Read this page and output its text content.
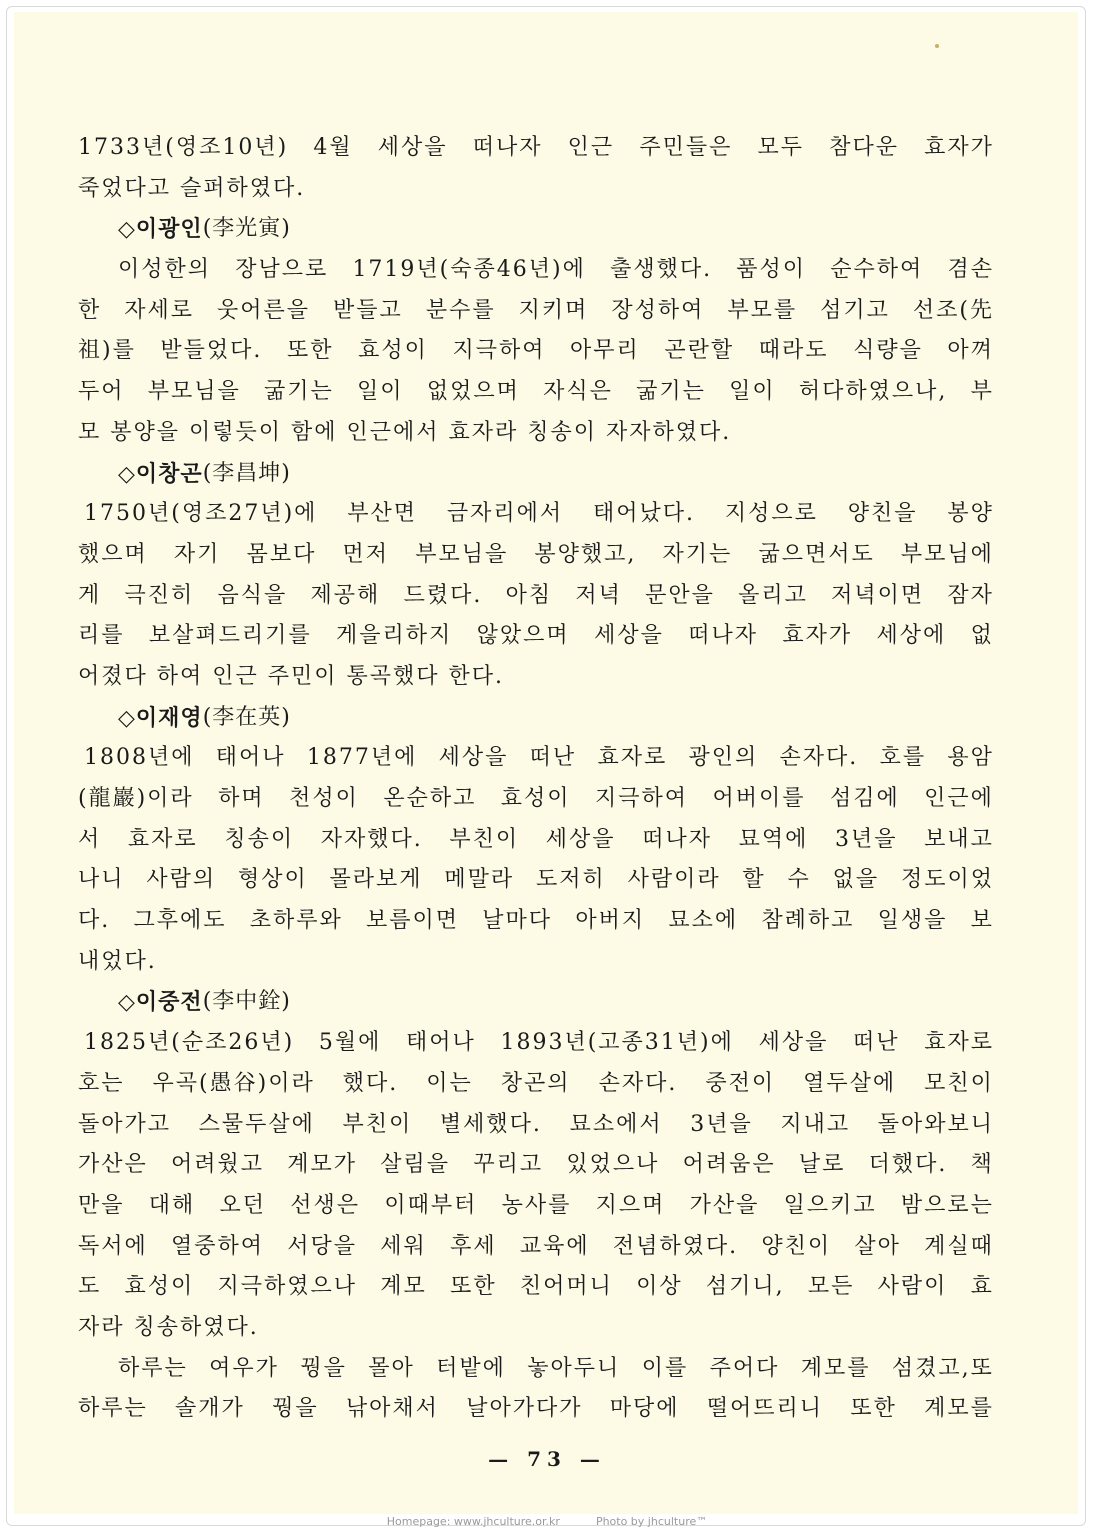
1733년(영조10년) 4월 세상을 떠나자 인근 주민들은 모두 참다운 효자가
죽었다고 슬퍼하였다.
◇이광인 (李光寅)
이성한의 장남으로 1719년(숙종46년)에 출생했다. 품성이 순수하여 겸손
한 자세로 웃어른을 받들고 분수를 지키며 장성하여 부모를 섬기고 선조(先
祖)를 받들었다. 또한 효성이 지극하여 아무리 곤란할 때라도 식량을 아껴
두어 부모님을 굶기는 일이 없었으며 자식은 굶기는 일이 허다하였으나, 부
모 봉양을 이렇듯이 함에 인근에서 효자라 칭송이 자자하였다.
◇이창곤 (李昌坤)
1750년(영조27년)에 부산면 금자리에서 태어났다. 지성으로 양친을 봉양
했으며 자기 몸보다 먼저 부모님을 봉양했고, 자기는 굶으면서도 부모님에
게 극진히 음식을 제공해 드렸다. 아침 저녁 문안을 올리고 저녁이면 잠자
리를 보살펴드리기를 게을리하지 않았으며 세상을 떠나자 효자가 세상에 없
어졌다 하여 인근 주민이 통곡했다 한다.
◇이재영 (李在英)
1808년에 태어나 1877년에 세상을 떠난 효자로 광인의 손자다. 호를 용암
(龍巖)이라 하며 천성이 온순하고 효성이 지극하여 어버이를 섬김에 인근에
서 효자로 칭송이 자자했다. 부친이 세상을 떠나자 묘역에 3년을 보내고
나니 사람의 형상이 몰라보게 메말라 도저히 사람이라 할 수 없을 정도이었
다. 그후에도 초하루와 보름이면 날마다 아버지 묘소에 참례하고 일생을 보
내었다.
◇이중전 (李中銓)
1825년(순조26년) 5월에 태어나 1893년(고종31년)에 세상을 떠난 효자로
호는 우곡(愚谷)이라 했다. 이는 창곤의 손자다. 중전이 열두살에 모친이
돌아가고 스물두살에 부친이 별세했다. 묘소에서 3년을 지내고 돌아와보니
가산은 어려웠고 계모가 살림을 꾸리고 있었으나 어려움은 날로 더했다. 책
만을 대해 오던 선생은 이때부터 농사를 지으며 가산을 일으키고 밤으로는
독서에 열중하여 서당을 세워 후세 교육에 전념하였다. 양친이 살아 계실때
도 효성이 지극하였으나 계모 또한 친어머니 이상 섬기니, 모든 사람이 효
자라 칭송하였다.
하루는 여우가 꿩을 몰아 터밭에 놓아두니 이를 주어다 계모를 섬겼고,또
하루는 솔개가 꿩을 낚아채서 날아가다가 마당에 떨어뜨리니 또한 계모를
— 73 —
Homepage: www.jhculture.or.kr	Photo by jhculture™
